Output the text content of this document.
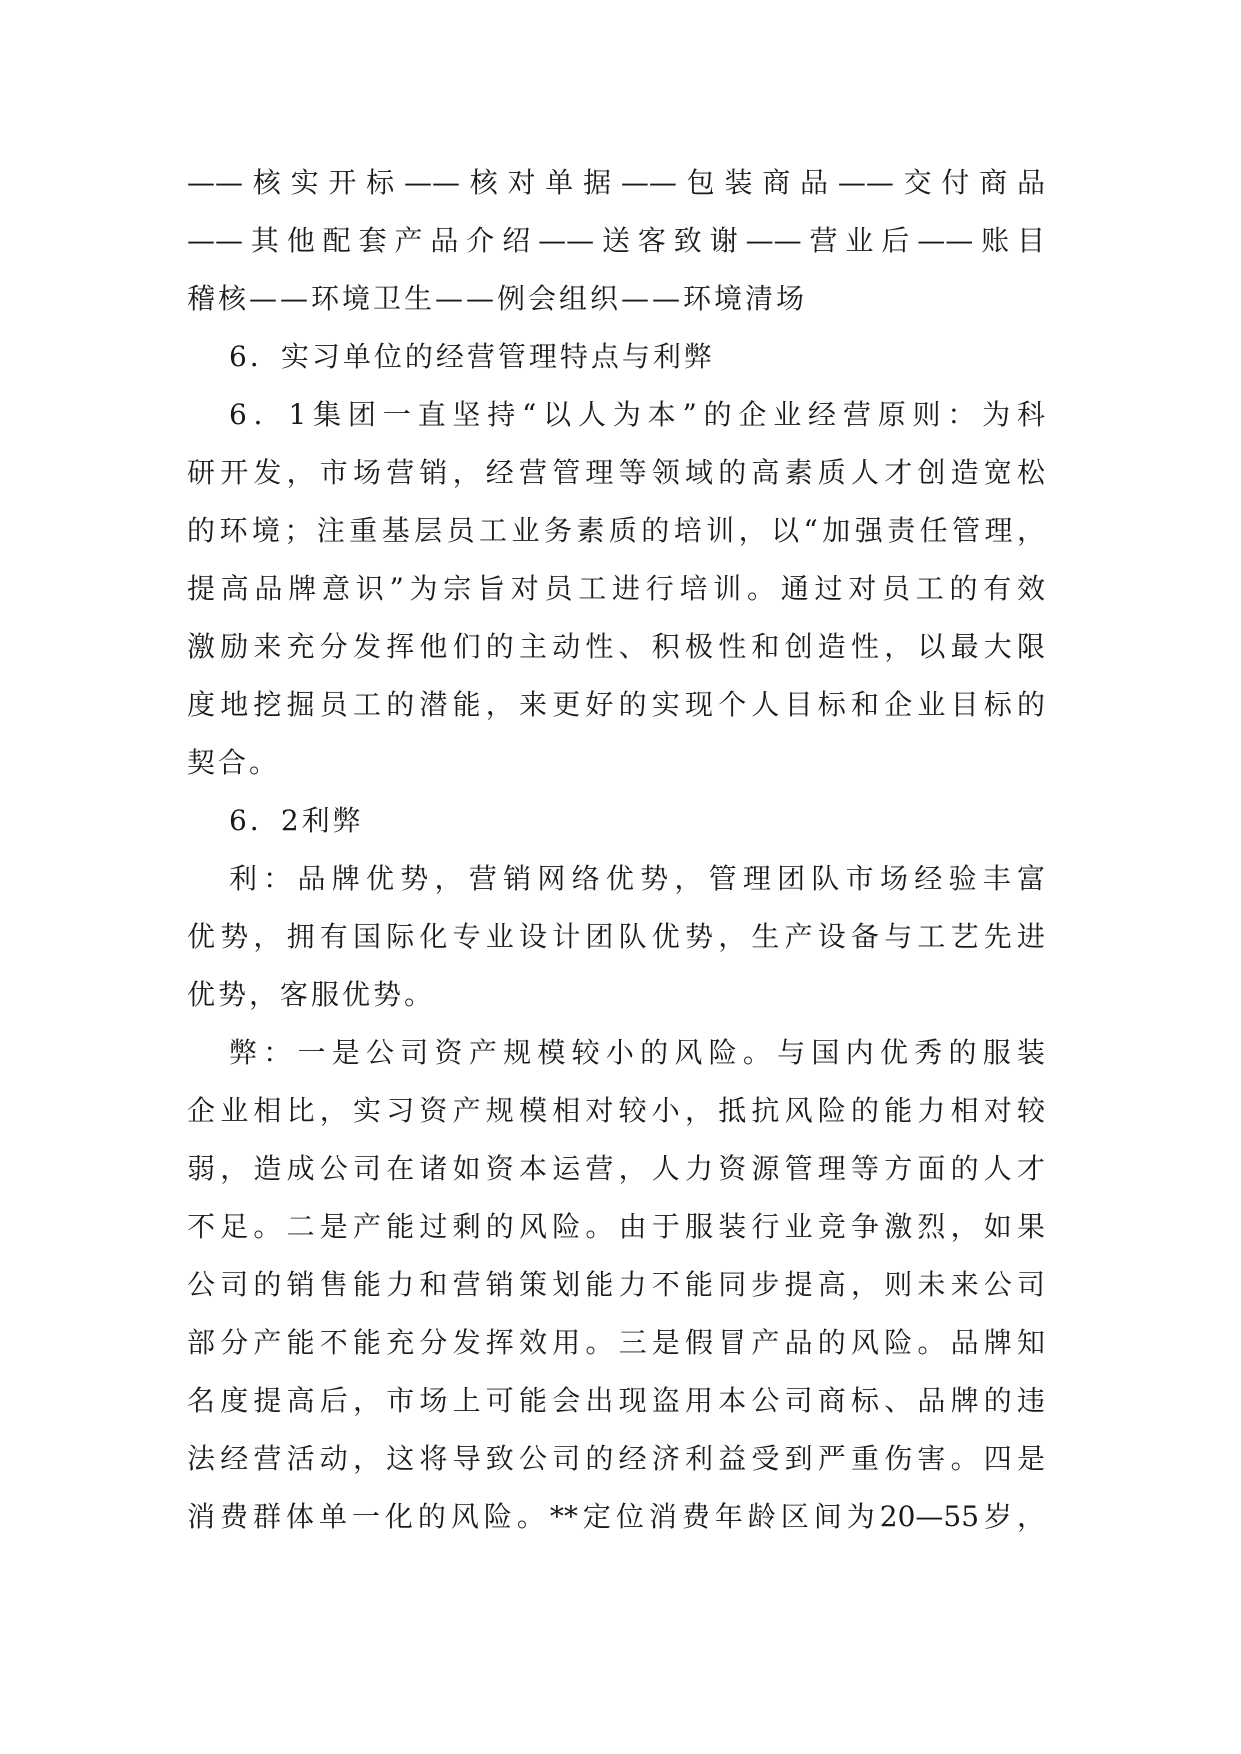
——核实开标——核对单据——包装商品——交付商品
——其他配套产品介绍——送客致谢——营业后——账目
稽核——环境卫生——例会组织——环境清场
6．实习单位的经营管理特点与利弊
6．1集团一直坚持“以人为本”的企业经营原则：为科
研开发，市场营销，经营管理等领域的高素质人才创造宽松
的环境；注重基层员工业务素质的培训，以“加强责任管理，
提高品牌意识”为宗旨对员工进行培训。通过对员工的有效
激励来充分发挥他们的主动性、积极性和创造性，以最大限
度地挖掘员工的潜能，来更好的实现个人目标和企业目标的
契合。
6．2利弊
利：品牌优势，营销网络优势，管理团队市场经验丰富
优势，拥有国际化专业设计团队优势，生产设备与工艺先进
优势，客服优势。
弊：一是公司资产规模较小的风险。与国内优秀的服装
企业相比，实习资产规模相对较小，抵抗风险的能力相对较
弱，造成公司在诸如资本运营，人力资源管理等方面的人才
不足。二是产能过剩的风险。由于服装行业竞争激烈，如果
公司的销售能力和营销策划能力不能同步提高，则未来公司
部分产能不能充分发挥效用。三是假冒产品的风险。品牌知
名度提高后，市场上可能会出现盗用本公司商标、品牌的违
法经营活动，这将导致公司的经济利益受到严重伤害。四是
消费群体单一化的风险。**定位消费年龄区间为20—55岁，
